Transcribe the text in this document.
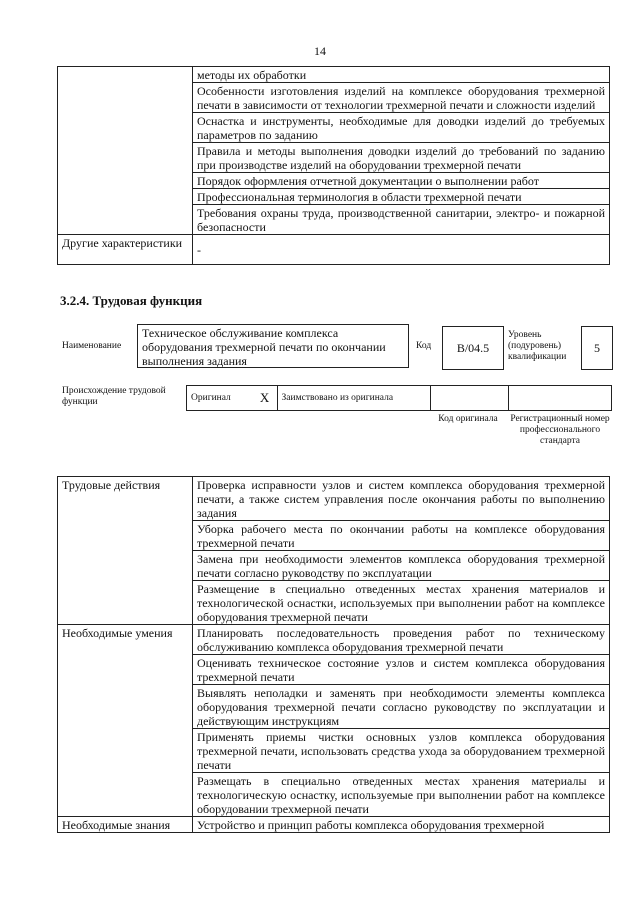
14
	методы их обработки
	Особенности изготовления изделий на комплексе оборудования трехмерной печати в зависимости от технологии трехмерной печати и сложности изделий
	Оснастка и инструменты, необходимые для доводки изделий до требуемых параметров по заданию
	Правила и методы выполнения доводки изделий до требований по заданию при производстве изделий на оборудовании трехмерной печати
	Порядок оформления отчетной документации о выполнении работ
	Профессиональная терминология в области трехмерной печати
	Требования охраны труда, производственной санитарии, электро- и пожарной безопасности
Другие характеристики	-
3.2.4. Трудовая функция
Наименование
Техническое обслуживание комплекса оборудования трехмерной печати по окончании выполнения задания
Код	B/04.5
Уровень (подуровень) квалификации
5
Происхождение трудовой функции	Оригинал	X	Заимствовано из оригинала		
Код оригинала Регистрационный номер профессионального стандарта
Трудовые действия	Проверка исправности узлов и систем комплекса оборудования трехмерной печати, а также систем управления после окончания работы по выполнению задания
	Уборка рабочего места по окончании работы на комплексе оборудования трехмерной печати
	Замена при необходимости элементов комплекса оборудования трехмерной печати согласно руководству по эксплуатации
	Размещение в специально отведенных местах хранения материалов и технологической оснастки, используемых при выполнении работ на комплексе оборудования трехмерной печати
Необходимые умения	Планировать последовательность проведения работ по техническому обслуживанию комплекса оборудования трехмерной печати
	Оценивать техническое состояние узлов и систем комплекса оборудования трехмерной печати
	Выявлять неполадки и заменять при необходимости элементы комплекса оборудования трехмерной печати согласно руководству по эксплуатации и действующим инструкциям
	Применять приемы чистки основных узлов комплекса оборудования трехмерной печати, использовать средства ухода за оборудованием трехмерной печати
	Размещать в специально отведенных местах хранения материалы и технологическую оснастку, используемые при выполнении работ на комплексе оборудовании трехмерной печати
Необходимые знания	Устройство и принцип работы комплекса оборудования трехмерной
